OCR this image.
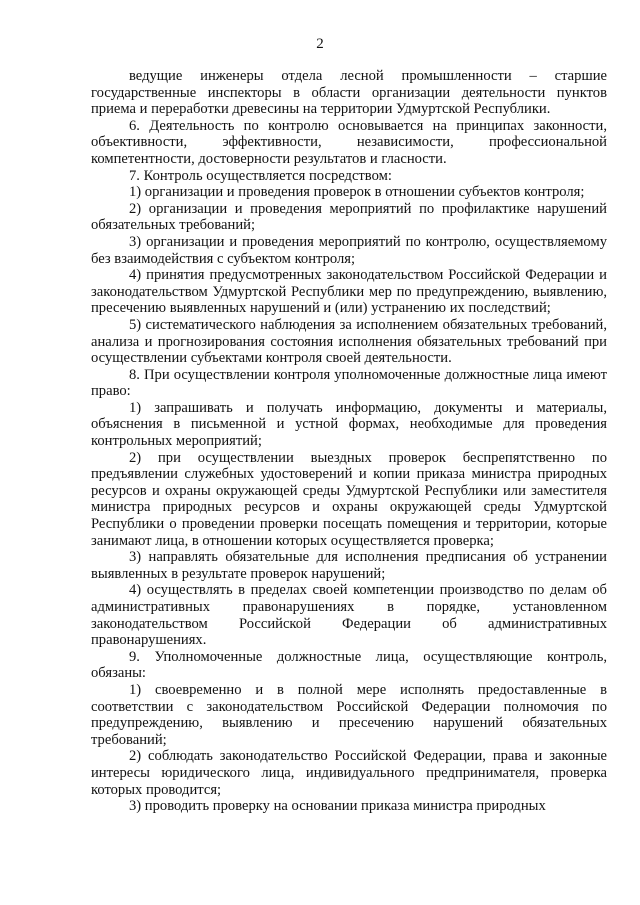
2

ведущие инженеры отдела лесной промышленности – старшие государственные инспекторы в области организации деятельности пунктов приема и переработки древесины на территории Удмуртской Республики.

6. Деятельность по контролю основывается на принципах законности, объективности, эффективности, независимости, профессиональной компетентности, достоверности результатов и гласности.

7. Контроль осуществляется посредством:

1) организации и проведения проверок в отношении субъектов контроля;

2) организации и проведения мероприятий по профилактике нарушений обязательных требований;

3) организации и проведения мероприятий по контролю, осуществляемому без взаимодействия с субъектом контроля;

4) принятия предусмотренных законодательством Российской Федерации и законодательством Удмуртской Республики мер по предупреждению, выявлению, пресечению выявленных нарушений и (или) устранению их последствий;

5) систематического наблюдения за исполнением обязательных требований, анализа и прогнозирования состояния исполнения обязательных требований при осуществлении субъектами контроля своей деятельности.

8. При осуществлении контроля уполномоченные должностные лица имеют право:

1) запрашивать и получать информацию, документы и материалы, объяснения в письменной и устной формах, необходимые для проведения контрольных мероприятий;

2) при осуществлении выездных проверок беспрепятственно по предъявлении служебных удостоверений и копии приказа министра природных ресурсов и охраны окружающей среды Удмуртской Республики или заместителя министра природных ресурсов и охраны окружающей среды Удмуртской Республики о проведении проверки посещать помещения и территории, которые занимают лица, в отношении которых осуществляется проверка;

3) направлять обязательные для исполнения предписания об устранении выявленных в результате проверок нарушений;

4) осуществлять в пределах своей компетенции производство по делам об административных правонарушениях в порядке, установленном законодательством Российской Федерации об административных правонарушениях.

9. Уполномоченные должностные лица, осуществляющие контроль, обязаны:

1) своевременно и в полной мере исполнять предоставленные в соответствии с законодательством Российской Федерации полномочия по предупреждению, выявлению и пресечению нарушений обязательных требований;

2) соблюдать законодательство Российской Федерации, права и законные интересы юридического лица, индивидуального предпринимателя, проверка которых проводится;

3) проводить проверку на основании приказа министра природных
